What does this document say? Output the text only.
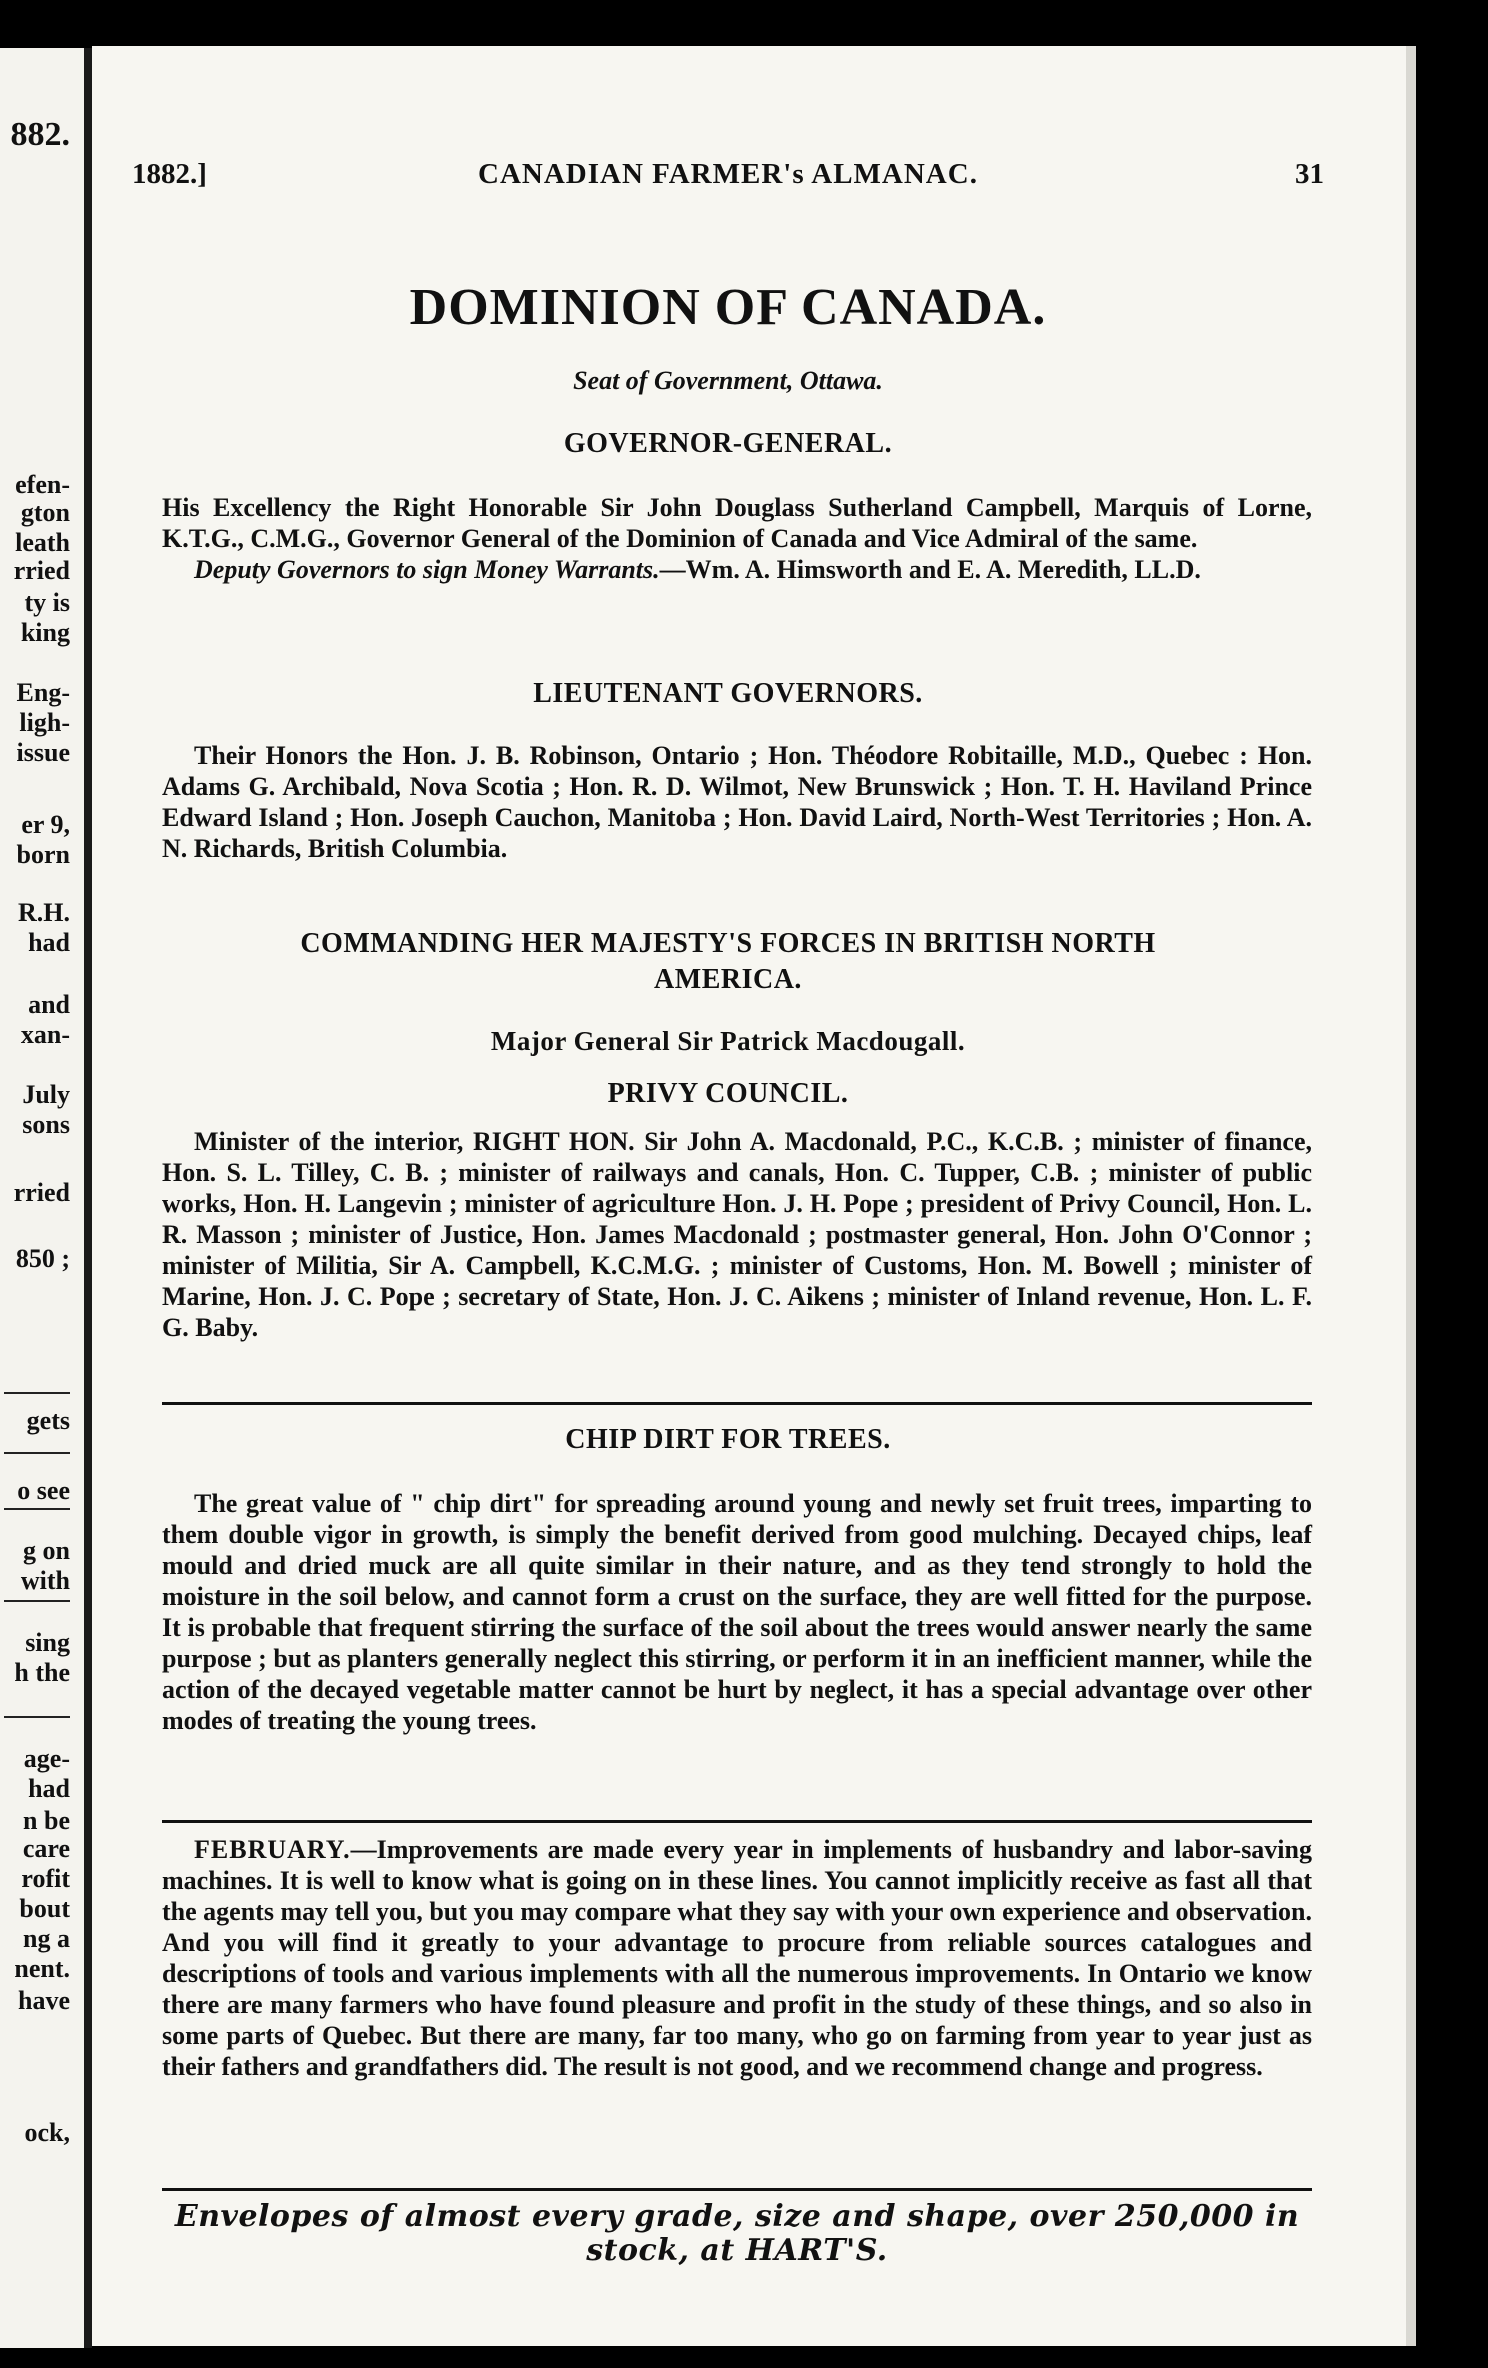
882.
efen-
gton
leath
rried
ty is
king
Eng-
ligh-
issue
er 9,
born
R.H.
had
and
xan-
July
sons
rried
850 ;
gets
o see
g on
with
sing
h the
age-
had
n be
care
rofit
bout
ng a
nent.
have
ock,
1882.]	CANADIAN FARMER's ALMANAC.	31
DOMINION OF CANADA.
Seat of Government, Ottawa.
GOVERNOR-GENERAL.
His Excellency the Right Honorable Sir John Douglass Sutherland Campbell, Marquis of Lorne, K.T.G., C.M.G., Governor General of the Dominion of Canada and Vice Admiral of the same.
Deputy Governors to sign Money Warrants.—Wm. A. Himsworth and E. A. Meredith, LL.D.
LIEUTENANT GOVERNORS.
Their Honors the Hon. J. B. Robinson, Ontario ; Hon. Théodore Robitaille, M.D., Quebec : Hon. Adams G. Archibald, Nova Scotia ; Hon. R. D. Wilmot, New Brunswick ; Hon. T. H. Haviland Prince Edward Island ; Hon. Joseph Cauchon, Manitoba ; Hon. David Laird, North-West Territories ; Hon. A. N. Richards, British Columbia.
COMMANDING HER MAJESTY'S FORCES IN BRITISH NORTH
AMERICA.
Major General Sir Patrick Macdougall.
PRIVY COUNCIL.
Minister of the interior, RIGHT HON. Sir John A. Macdonald, P.C., K.C.B. ; minister of finance, Hon. S. L. Tilley, C. B. ; minister of railways and canals, Hon. C. Tupper, C.B. ; minister of public works, Hon. H. Langevin ; minister of agriculture Hon. J. H. Pope ; president of Privy Council, Hon. L. R. Masson ; minister of Justice, Hon. James Macdonald ; postmaster general, Hon. John O'Connor ; minister of Militia, Sir A. Campbell, K.C.M.G. ; minister of Customs, Hon. M. Bowell ; minister of Marine, Hon. J. C. Pope ; secretary of State, Hon. J. C. Aikens ; minister of Inland revenue, Hon. L. F. G. Baby.
CHIP DIRT FOR TREES.
The great value of " chip dirt" for spreading around young and newly set fruit trees, imparting to them double vigor in growth, is simply the benefit derived from good mulching. Decayed chips, leaf mould and dried muck are all quite similar in their nature, and as they tend strongly to hold the moisture in the soil below, and cannot form a crust on the surface, they are well fitted for the purpose. It is probable that frequent stirring the surface of the soil about the trees would answer nearly the same purpose ; but as planters generally neglect this stirring, or perform it in an inefficient manner, while the action of the decayed vegetable matter cannot be hurt by neglect, it has a special advantage over other modes of treating the young trees.
FEBRUARY.—Improvements are made every year in implements of husbandry and labor-saving machines. It is well to know what is going on in these lines. You cannot implicitly receive as fast all that the agents may tell you, but you may compare what they say with your own experience and observation. And you will find it greatly to your advantage to procure from reliable sources catalogues and descriptions of tools and various implements with all the numerous improvements. In Ontario we know there are many farmers who have found pleasure and profit in the study of these things, and so also in some parts of Quebec. But there are many, far too many, who go on farming from year to year just as their fathers and grandfathers did. The result is not good, and we recommend change and progress.
Envelopes of almost every grade, size and shape, over 250,000 in
stock, at HART'S.
